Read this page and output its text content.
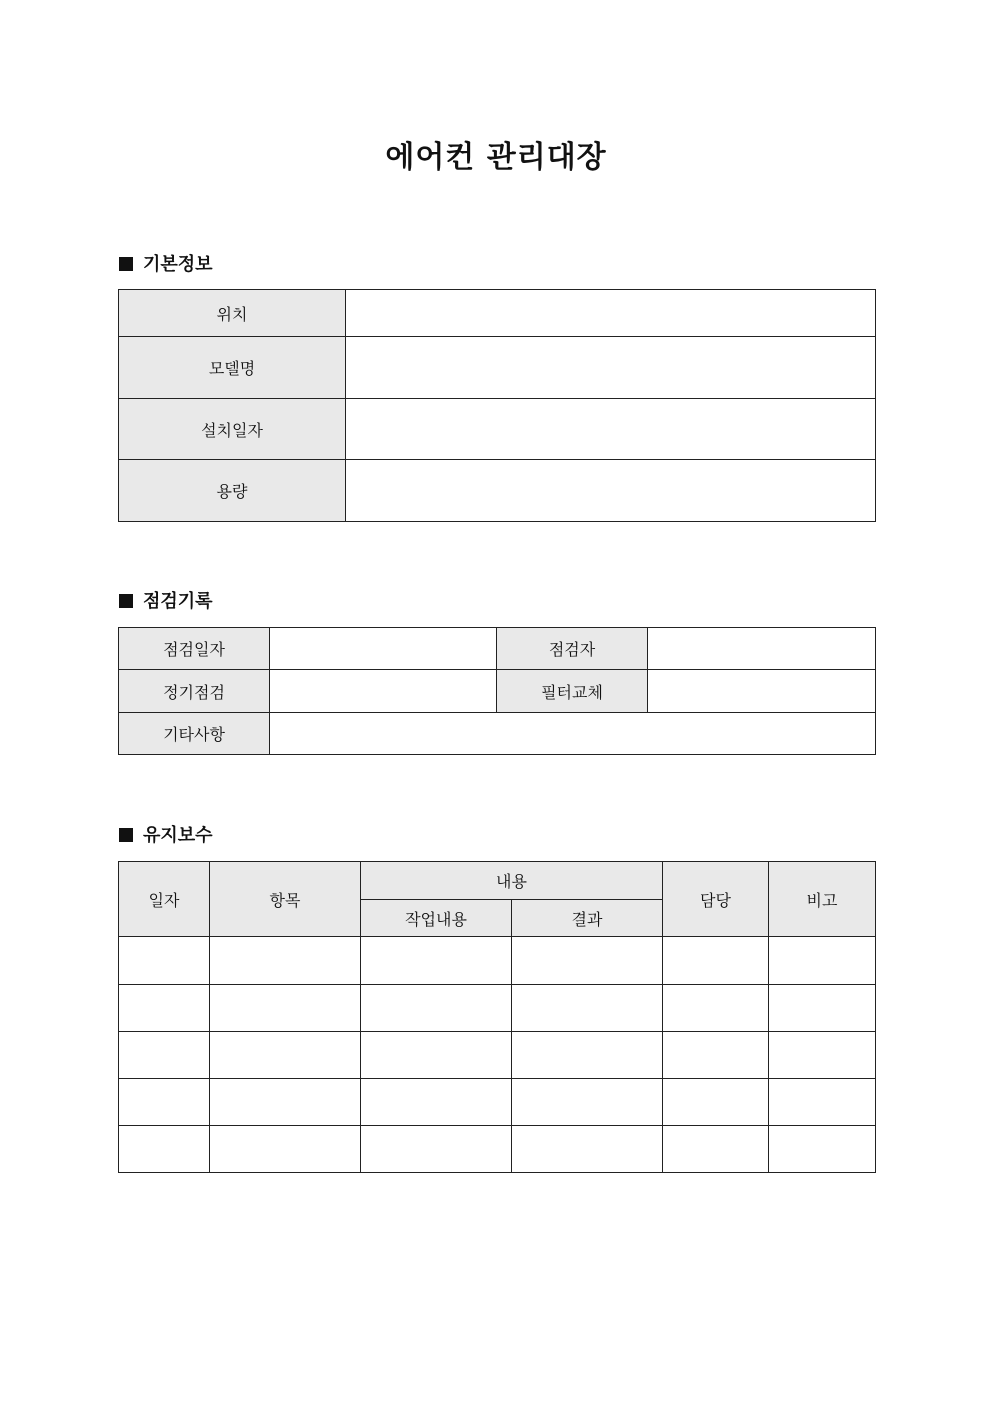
에어컨 관리대장
기본정보
위치	
모델명	
설치일자	
용량	
점검기록
점검일자		점검자	
정기점검		필터교체	
기타사항			
유지보수
일자	항목	내용		담당	비고
		작업내용	결과		
